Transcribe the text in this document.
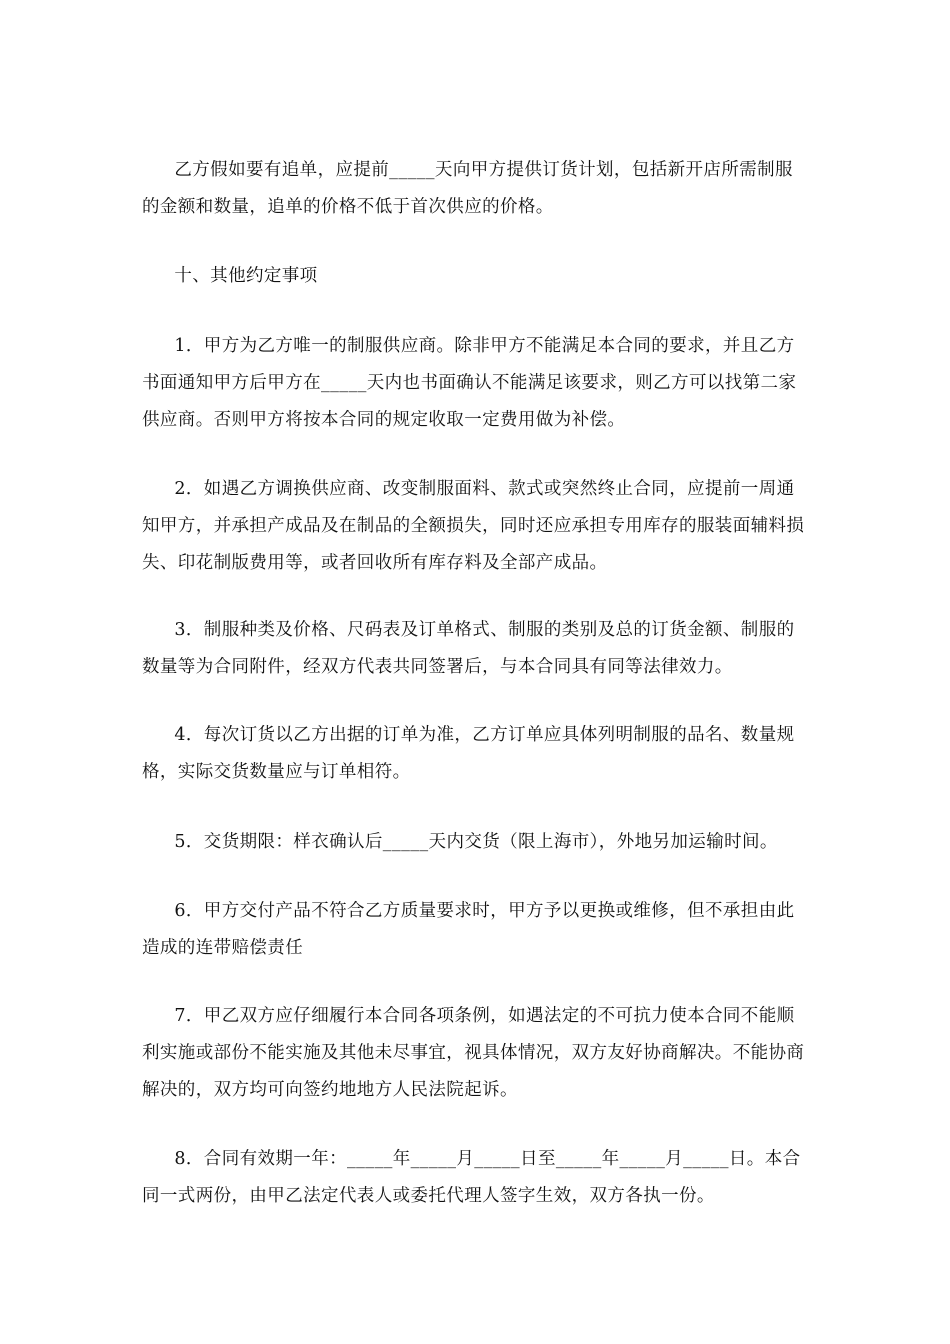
乙方假如要有追单，应提前_____天向甲方提供订货计划，包括新开店所需制服的金额和数量，追单的价格不低于首次供应的价格。

十、其他约定事项

1．甲方为乙方唯一的制服供应商。除非甲方不能满足本合同的要求，并且乙方书面通知甲方后甲方在_____天内也书面确认不能满足该要求，则乙方可以找第二家供应商。否则甲方将按本合同的规定收取一定费用做为补偿。

2．如遇乙方调换供应商、改变制服面料、款式或突然终止合同，应提前一周通知甲方，并承担产成品及在制品的全额损失，同时还应承担专用库存的服装面辅料损失、印花制版费用等，或者回收所有库存料及全部产成品。

3．制服种类及价格、尺码表及订单格式、制服的类别及总的订货金额、制服的数量等为合同附件，经双方代表共同签署后，与本合同具有同等法律效力。

4．每次订货以乙方出据的订单为准，乙方订单应具体列明制服的品名、数量规格，实际交货数量应与订单相符。

5．交货期限：样衣确认后_____天内交货（限上海市），外地另加运输时间。

6．甲方交付产品不符合乙方质量要求时，甲方予以更换或维修，但不承担由此造成的连带赔偿责任

7．甲乙双方应仔细履行本合同各项条例，如遇法定的不可抗力使本合同不能顺利实施或部份不能实施及其他未尽事宜，视具体情况，双方友好协商解决。不能协商解决的，双方均可向签约地地方人民法院起诉。

8．合同有效期一年：_____年_____月_____日至_____年_____月_____日。本合同一式两份，由甲乙法定代表人或委托代理人签字生效，双方各执一份。
